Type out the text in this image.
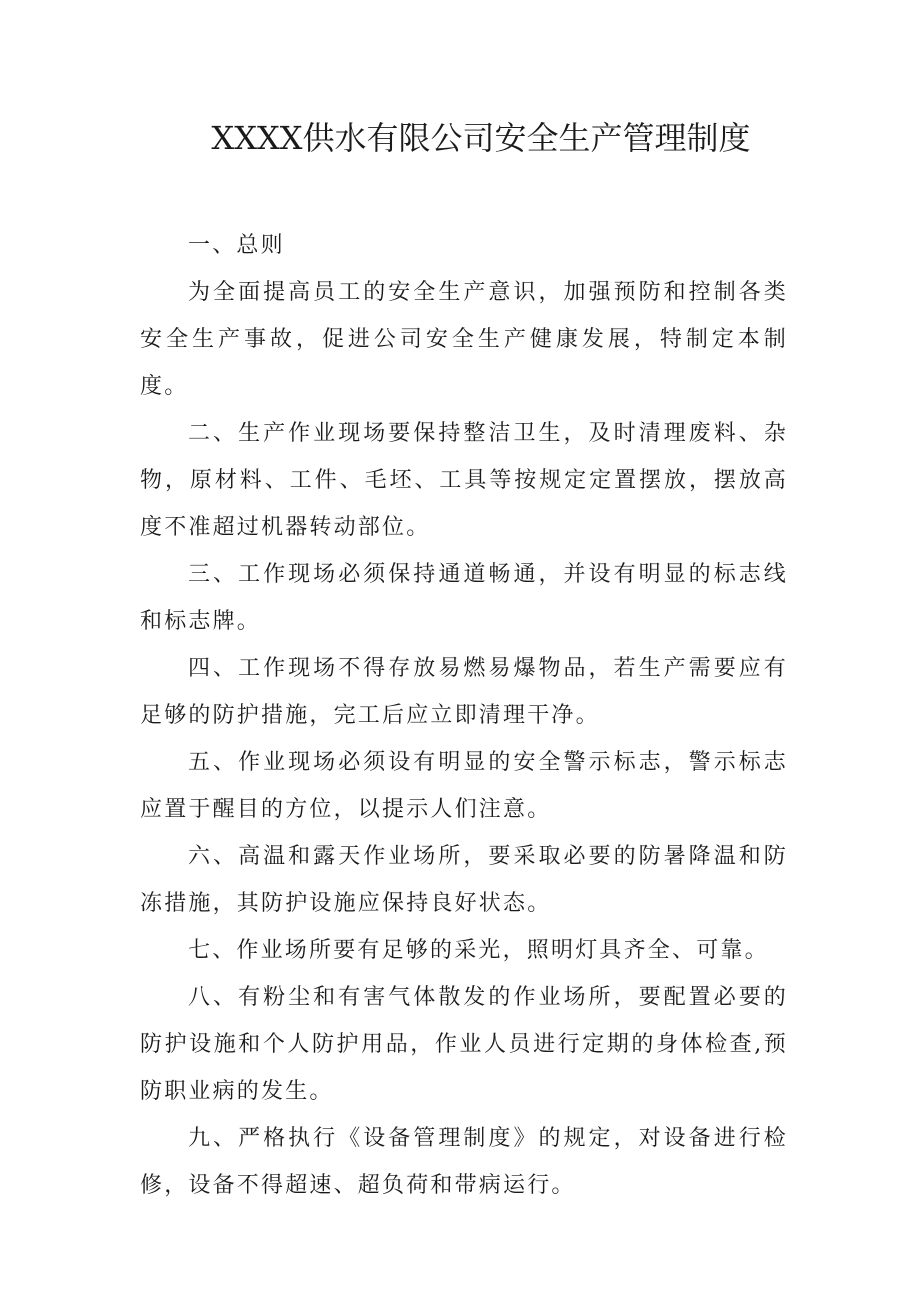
XXXX供水有限公司安全生产管理制度

一、总则

为全面提高员工的安全生产意识，加强预防和控制各类安全生产事故，促进公司安全生产健康发展，特制定本制度。

二、生产作业现场要保持整洁卫生，及时清理废料、杂物，原材料、工件、毛坯、工具等按规定定置摆放，摆放高度不准超过机器转动部位。

三、工作现场必须保持通道畅通，并设有明显的标志线和标志牌。

四、工作现场不得存放易燃易爆物品，若生产需要应有足够的防护措施，完工后应立即清理干净。

五、作业现场必须设有明显的安全警示标志，警示标志应置于醒目的方位，以提示人们注意。

六、高温和露天作业场所，要采取必要的防暑降温和防冻措施，其防护设施应保持良好状态。

七、作业场所要有足够的采光，照明灯具齐全、可靠。

八、有粉尘和有害气体散发的作业场所，要配置必要的防护设施和个人防护用品，作业人员进行定期的身体检查,预防职业病的发生。

九、严格执行《设备管理制度》的规定，对设备进行检修，设备不得超速、超负荷和带病运行。
